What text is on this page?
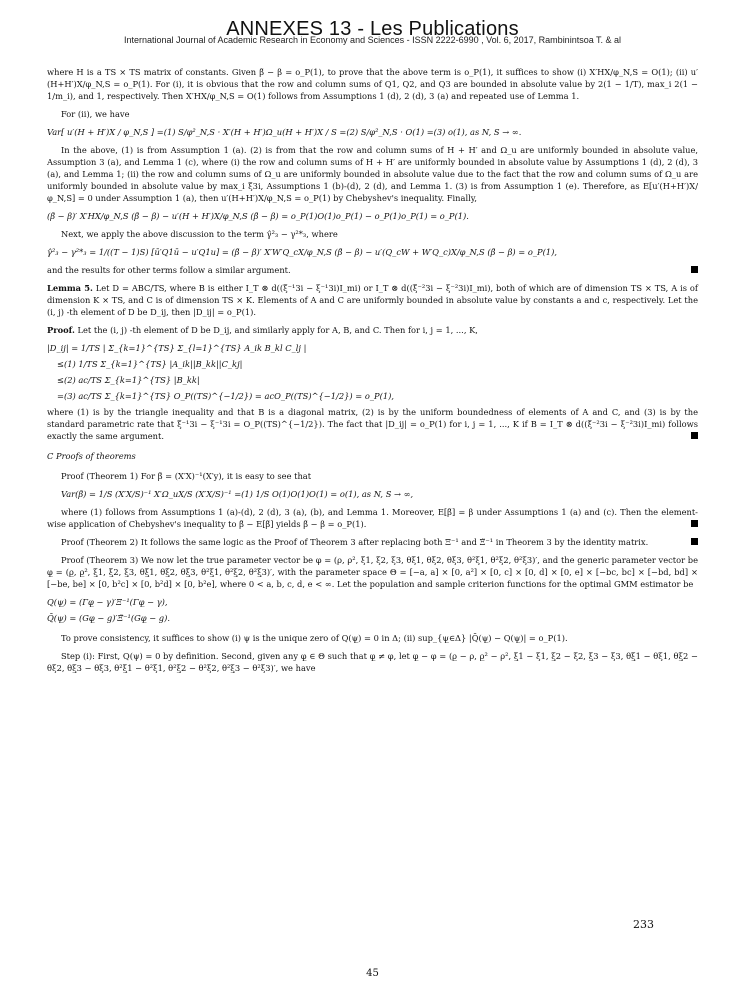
ANNEXES 13 - Les Publications
International Journal of Academic Research in Economy and Sciences - ISSN 2222-6990 , Vol. 6, 2017, Rambinintsoa T. & al

where H is a TS × TS matrix of constants. Given β̃ − β = o_P(1), to prove that the above term is o_P(1), it suffices to show (i) X′HX/φ_N,S = O(1); (ii) u′(H+H′)X/φ_N,S = o_P(1). For (i), it is obvious that the row and column sums of Q1, Q2, and Q3 are bounded in absolute value by 2(1 − 1/T), max_i 2(1 − 1/m_i), and 1, respectively. Then X′HX/φ_N,S = O(1) follows from Assumptions 1 (d), 2 (d), 3 (a) and repeated use of Lemma 1.

For (ii), we have

Var[ u′(H + H′)X / φ_N,S ] =(1) S/φ²_N,S · X′(H + H′)Ω_u(H + H′)X / S =(2) S/φ²_N,S · O(1) =(3) o(1), as N, S → ∞.

In the above, (1) is from Assumption 1 (a). (2) is from that the row and column sums of H + H′ and Ω_u are uniformly bounded in absolute value, Assumption 3 (a), and Lemma 1 (c), where (i) the row and column sums of H + H′ are uniformly bounded in absolute value by Assumptions 1 (d), 2 (d), 3 (a), and Lemma 1; (ii) the row and column sums of Ω_u are uniformly bounded in absolute value due to the fact that the row and column sums of Ω_u are uniformly bounded in absolute value by max_i ξ̂3i, Assumptions 1 (b)-(d), 2 (d), and Lemma 1. (3) is from Assumption 1 (e). Therefore, as E[u′(H+H′)X/φ_N,S] = 0 under Assumption 1 (a), then u′(H+H′)X/φ_N,S = o_P(1) by Chebyshev's inequality. Finally,

(β̃ − β)′ X′HX/φ_N,S (β̃ − β) − u′(H + H′)X/φ_N,S (β̃ − β) = o_P(1)O(1)o_P(1) − o_P(1)o_P(1) = o_P(1).

Next, we apply the above discussion to the term γ̂²₃ − γ²*₃, where

γ̂²₃ − γ²*₃ = 1/((T − 1)S) [ū′Q1ū − u′Q1u] = (β̃ − β)′ X′W′Q_cX/φ_N,S (β̃ − β) − u′(Q_cW + W′Q_c)X/φ_N,S (β̃ − β) = o_P(1),

and the results for other terms follow a similar argument.

Lemma 5. Let D = ABC/TS, where B is either I_T ⊗ d((ξ̂⁻¹3i − ξ⁻¹3i)I_mi) or I_T ⊗ d((ξ̂⁻²3i − ξ⁻²3i)I_mi), both of which are of dimension TS × TS, A is of dimension K × TS, and C is of dimension TS × K. Elements of A and C are uniformly bounded in absolute value by constants a and c, respectively. Let the (i, j) -th element of D be D_ij, then |D_ij| = o_P(1).

Proof. Let the (i, j) -th element of D be D_ij, and similarly apply for A, B, and C. Then for i, j = 1, ..., K,

|D_ij| = 1/TS | Σ_{k=1}^{TS} Σ_{l=1}^{TS} A_ik B_kl C_lj |
≤(1) 1/TS Σ_{k=1}^{TS} |A_ik||B_kk||C_kj|
≤(2) ac/TS Σ_{k=1}^{TS} |B_kk|
=(3) ac/TS Σ_{k=1}^{TS} O_P((TS)^{−1/2}) = acO_P((TS)^{−1/2}) = o_P(1),

where (1) is by the triangle inequality and that B is a diagonal matrix, (2) is by the uniform boundedness of elements of A and C, and (3) is by the standard parametric rate that ξ̂⁻¹3i − ξ⁻¹3i = O_P((TS)^{−1/2}). The fact that |D_ij| = o_P(1) for i, j = 1, ..., K if B = I_T ⊗ d((ξ̂⁻²3i − ξ⁻²3i)I_mi) follows exactly the same argument.

C Proofs of theorems

Proof (Theorem 1) For β̃ = (X′X)⁻¹(X′y), it is easy to see that

Var(β̃) = 1/S (X′X/S)⁻¹ X′Ω_uX/S (X′X/S)⁻¹ =(1) 1/S O(1)O(1)O(1) = o(1), as N, S → ∞,

where (1) follows from Assumptions 1 (a)-(d), 2 (d), 3 (a), (b), and Lemma 1. Moreover, E[β̃] = β under Assumptions 1 (a) and (c). Then the element-wise application of Chebyshev's inequality to β̃ − E[β̃] yields β̃ − β = o_P(1).

Proof (Theorem 2) It follows the same logic as the Proof of Theorem 3 after replacing both Ξ⁻¹ and Ξ̃⁻¹ in Theorem 3 by the identity matrix.

Proof (Theorem 3) We now let the true parameter vector be φ = (ρ, ρ², ξ1, ξ2, ξ3, θξ1, θξ2, θξ3, θ²ξ1, θ²ξ2, θ²ξ3)′, and the generic parameter vector be φ̲ = (ρ̲, ρ̲², ξ̲1, ξ̲2, ξ̲3, θξ̲1, θξ̲2, θξ̲3, θ²ξ̲1, θ²ξ̲2, θ²ξ̲3)′, with the parameter space Θ = [−a, a] × [0, a²] × [0, c] × [0, d] × [0, e] × [−bc, bc] × [−bd, bd] × [−be, be] × [0, b²c] × [0, b²d] × [0, b²e], where 0 < a, b, c, d, e < ∞. Let the population and sample criterion functions for the optimal GMM estimator be

Q(ψ̲) = (Γφ̲ − γ)′Ξ⁻¹(Γφ̲ − γ),
Q̄(ψ̲) = (Gφ̲ − g)′Ξ̃⁻¹(Gφ̲ − g).

To prove consistency, it suffices to show (i) ψ is the unique zero of Q(ψ̲) = 0 in Δ; (ii) sup_{ψ̲∈Δ} |Q̄(ψ̲) − Q(ψ̲)| = o_P(1).

Step (i): First, Q(ψ) = 0 by definition. Second, given any φ̲ ∈ Θ such that φ̲ ≠ φ, let φ̲ − φ = (ρ̲ − ρ, ρ̲² − ρ², ξ̲1 − ξ1, ξ̲2 − ξ2, ξ̲3 − ξ3, θξ̲1 − θξ1, θξ̲2 − θξ2, θξ̲3 − θξ3, θ²ξ̲1 − θ²ξ1, θ²ξ̲2 − θ²ξ2, θ²ξ̲3 − θ²ξ3)′, we have

233
45
